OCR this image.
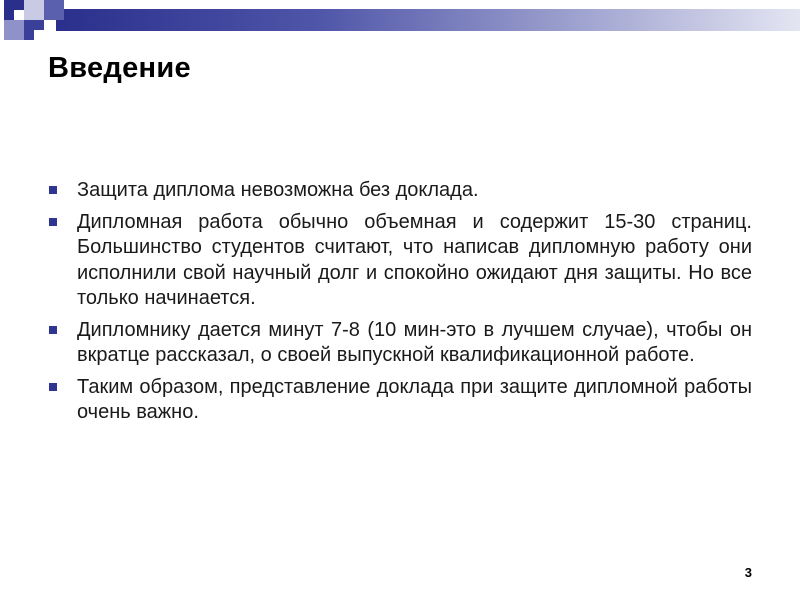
Введение
Защита диплома невозможна без доклада.
Дипломная работа обычно объемная и содержит 15-30 страниц. Большинство студентов считают, что написав дипломную работу они исполнили свой научный долг и спокойно ожидают дня защиты. Но все только начинается.
Дипломнику дается минут 7-8 (10 мин-это в лучшем случае), чтобы он вкратце рассказал, о своей выпускной квалификационной работе.
Таким образом, представление доклада при защите дипломной работы очень важно.
3
